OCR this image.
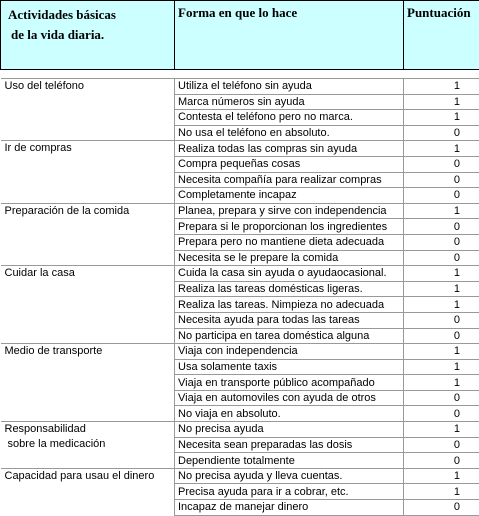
Actividades básicas
de la vida diaria.	Forma en que lo hace	Puntuación

Uso del teléfono	Utiliza el teléfono sin ayuda	1
	Marca números sin ayuda	1
	Contesta el teléfono pero no marca.	1
	No usa el teléfono en absoluto.	0
Ir de compras	Realiza todas las compras sin ayuda	1
	Compra pequeñas cosas	0
	Necesita compañía para realizar compras	0
	Completamente incapaz	0
Preparación de la comida	Planea, prepara y sirve con independencia	1
	Prepara si le proporcionan los ingredientes	0
	Prepara pero no mantiene dieta adecuada	0
	Necesita se le prepare la comida	0
Cuidar la casa	Cuida la casa sin ayuda o ayudaocasional.	1
	Realiza las tareas domésticas ligeras.	1
	Realiza las tareas. Nimpieza no adecuada	1
	Necesita ayuda para todas las tareas	0
	No participa en tarea doméstica alguna	0
Medio de transporte	Viaja con independencia	1
	Usa solamente taxis	1
	Viaja en transporte público acompañado	1
	Viaja en automoviles con ayuda de otros	0
	No viaja en absoluto.	0
Responsabilidad
sobre la medicación	No precisa ayuda	1
	Necesita sean preparadas las dosis	0
	Dependiente totalmente	0
Capacidad para usau el dinero	No precisa ayuda y lleva cuentas.	1
	Precisa ayuda para ir a cobrar, etc.	1
	Incapaz de manejar dinero	0
